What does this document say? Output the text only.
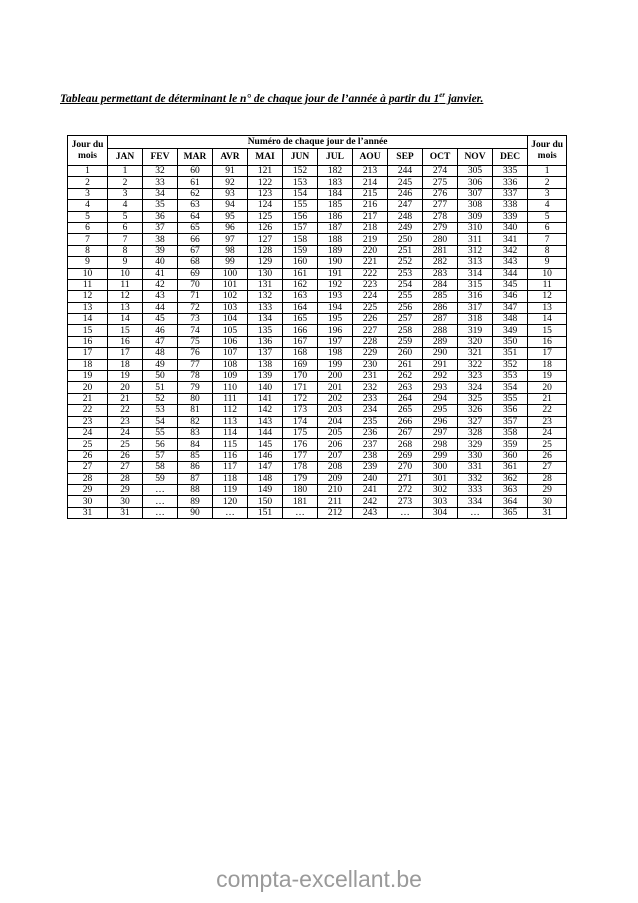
Tableau permettant de déterminant le n° de chaque jour de l’année à partir du 1er janvier.
Jour du mois	Numéro de chaque jour de l’année												Jour du mois
	JAN	FEV	MAR	AVR	MAI	JUN	JUL	AOU	SEP	OCT	NOV	DEC	
1	1	32	60	91	121	152	182	213	244	274	305	335	1
2	2	33	61	92	122	153	183	214	245	275	306	336	2
3	3	34	62	93	123	154	184	215	246	276	307	337	3
4	4	35	63	94	124	155	185	216	247	277	308	338	4
5	5	36	64	95	125	156	186	217	248	278	309	339	5
6	6	37	65	96	126	157	187	218	249	279	310	340	6
7	7	38	66	97	127	158	188	219	250	280	311	341	7
8	8	39	67	98	128	159	189	220	251	281	312	342	8
9	9	40	68	99	129	160	190	221	252	282	313	343	9
10	10	41	69	100	130	161	191	222	253	283	314	344	10
11	11	42	70	101	131	162	192	223	254	284	315	345	11
12	12	43	71	102	132	163	193	224	255	285	316	346	12
13	13	44	72	103	133	164	194	225	256	286	317	347	13
14	14	45	73	104	134	165	195	226	257	287	318	348	14
15	15	46	74	105	135	166	196	227	258	288	319	349	15
16	16	47	75	106	136	167	197	228	259	289	320	350	16
17	17	48	76	107	137	168	198	229	260	290	321	351	17
18	18	49	77	108	138	169	199	230	261	291	322	352	18
19	19	50	78	109	139	170	200	231	262	292	323	353	19
20	20	51	79	110	140	171	201	232	263	293	324	354	20
21	21	52	80	111	141	172	202	233	264	294	325	355	21
22	22	53	81	112	142	173	203	234	265	295	326	356	22
23	23	54	82	113	143	174	204	235	266	296	327	357	23
24	24	55	83	114	144	175	205	236	267	297	328	358	24
25	25	56	84	115	145	176	206	237	268	298	329	359	25
26	26	57	85	116	146	177	207	238	269	299	330	360	26
27	27	58	86	117	147	178	208	239	270	300	331	361	27
28	28	59	87	118	148	179	209	240	271	301	332	362	28
29	29	…	88	119	149	180	210	241	272	302	333	363	29
30	30	…	89	120	150	181	211	242	273	303	334	364	30
31	31	…	90	…	151	…	212	243	…	304	…	365	31
compta-excellant.be
